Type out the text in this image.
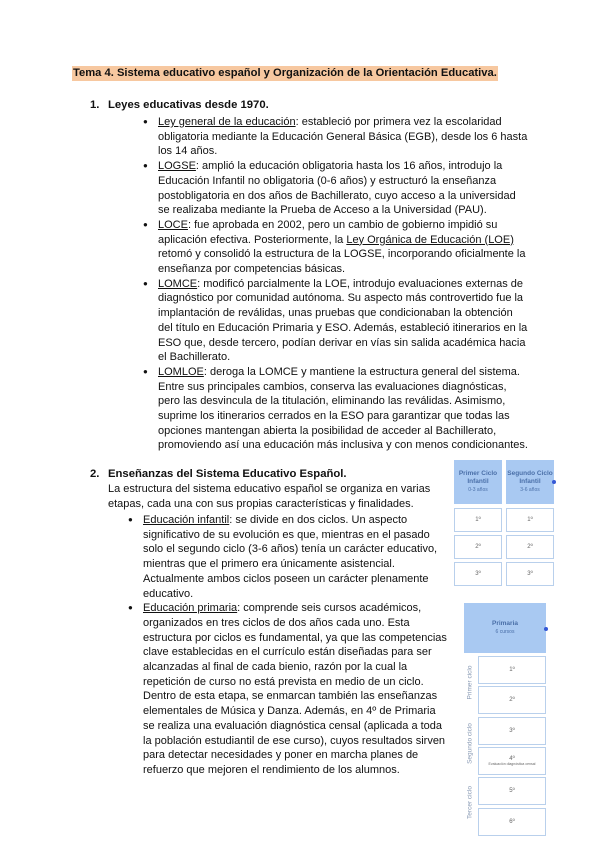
Tema 4. Sistema educativo español y Organización de la Orientación Educativa.
1. Leyes educativas desde 1970.
● Ley general de la educación: estableció por primera vez la escolaridad obligatoria mediante la Educación General Básica (EGB), desde los 6 hasta los 14 años.
● LOGSE: amplió la educación obligatoria hasta los 16 años, introdujo la Educación Infantil no obligatoria (0-6 años) y estructuró la enseñanza postobligatoria en dos años de Bachillerato, cuyo acceso a la universidad se realizaba mediante la Prueba de Acceso a la Universidad (PAU).
● LOCE: fue aprobada en 2002, pero un cambio de gobierno impidió su aplicación efectiva. Posteriormente, la Ley Orgánica de Educación (LOE) retomó y consolidó la estructura de la LOGSE, incorporando oficialmente la enseñanza por competencias básicas.
● LOMCE: modificó parcialmente la LOE, introdujo evaluaciones externas de diagnóstico por comunidad autónoma. Su aspecto más controvertido fue la implantación de reválidas, unas pruebas que condicionaban la obtención del título en Educación Primaria y ESO. Además, estableció itinerarios en la ESO que, desde tercero, podían derivar en vías sin salida académica hacia el Bachillerato.
● LOMLOE: deroga la LOMCE y mantiene la estructura general del sistema. Entre sus principales cambios, conserva las evaluaciones diagnósticas, pero las desvincula de la titulación, eliminando las reválidas. Asimismo, suprime los itinerarios cerrados en la ESO para garantizar que todas las opciones mantengan abierta la posibilidad de acceder al Bachillerato, promoviendo así una educación más inclusiva y con menos condicionantes.
2. Enseñanzas del Sistema Educativo Español.

La estructura del sistema educativo español se organiza en varias etapas, cada una con sus propias características y finalidades.

● Educación infantil: se divide en dos ciclos. Un aspecto significativo de su evolución es que, mientras en el pasado solo el segundo ciclo (3-6 años) tenía un carácter educativo, mientras que el primero era únicamente asistencial. Actualmente ambos ciclos poseen un carácter plenamente educativo.
● Educación primaria: comprende seis cursos académicos, organizados en tres ciclos de dos años cada uno. Esta estructura por ciclos es fundamental, ya que las competencias clave establecidas en el currículo están diseñadas para ser alcanzadas al final de cada bienio, razón por la cual la repetición de curso no está prevista en medio de un ciclo. Dentro de esta etapa, se enmarcan también las enseñanzas elementales de Música y Danza. Además, en 4º de Primaria se realiza una evaluación diagnóstica censal (aplicada a toda la población estudiantil de ese curso), cuyos resultados sirven para detectar necesidades y poner en marcha planes de refuerzo que mejoren el rendimiento de los alumnos.
Primer Ciclo Infantil
0-3 años
Segundo Ciclo Infantil
3-6 años
1º	1º
2º	2º
3º	3º
Primaria
6 cursos
Primer ciclo
Segundo ciclo
Tercer ciclo
1º
2º
3º
4º
Evaluación diagnóstica censal
5º
6º
